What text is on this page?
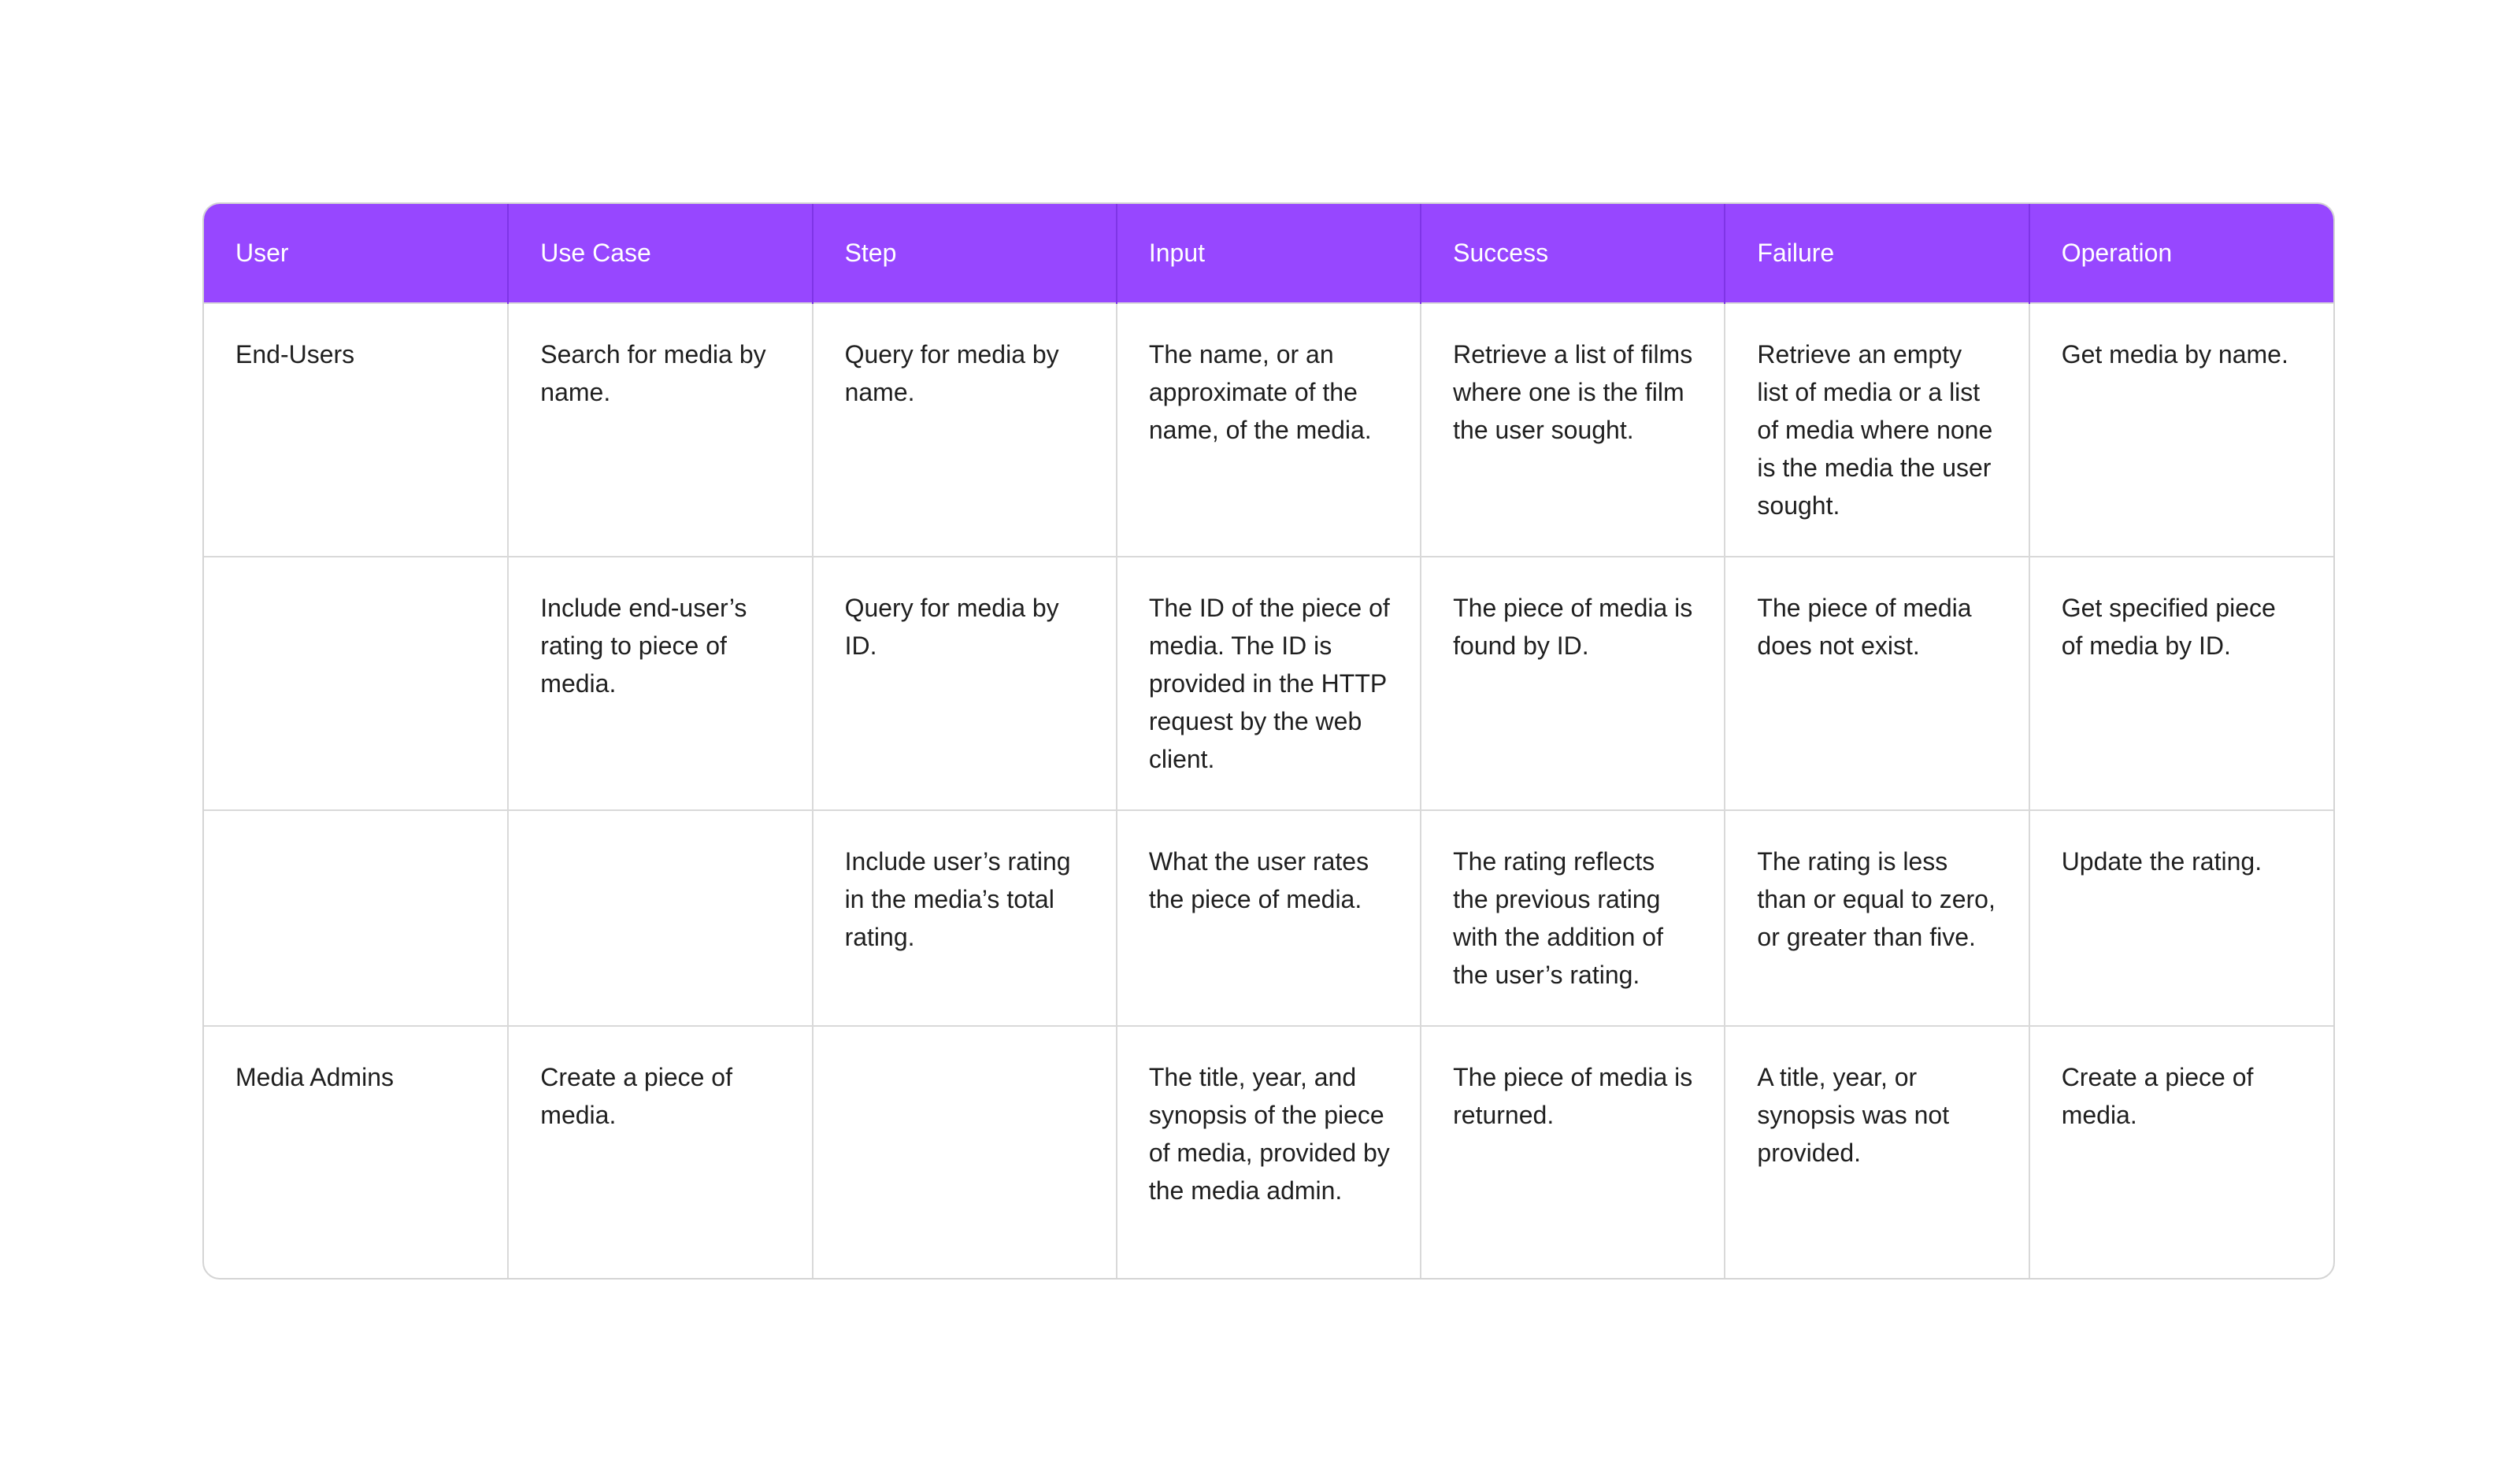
User	Use Case	Step	Input	Success	Failure	Operation
End-Users	Search for media by name.	Query for media by name.	The name, or an approximate of the name, of the media.	Retrieve a list of films where one is the film the user sought.	Retrieve an empty list of media or a list of media where none is the media the user sought.	Get media by name.
	Include end-user’s rating to piece of media.	Query for media by ID.	The ID of the piece of media. The ID is provided in the HTTP request by the web client.	The piece of media is found by ID.	The piece of media does not exist.	Get specified piece of media by ID.
		Include user’s rating in the media’s total rating.	What the user rates the piece of media.	The rating reflects the previous rating with the addition of the user’s rating.	The rating is less than or equal to zero, or greater than five.	Update the rating.
Media Admins	Create a piece of media.		The title, year, and synopsis of the piece of media, provided by the media admin.	The piece of media is returned.	A title, year, or synopsis was not provided.	Create a piece of media.
